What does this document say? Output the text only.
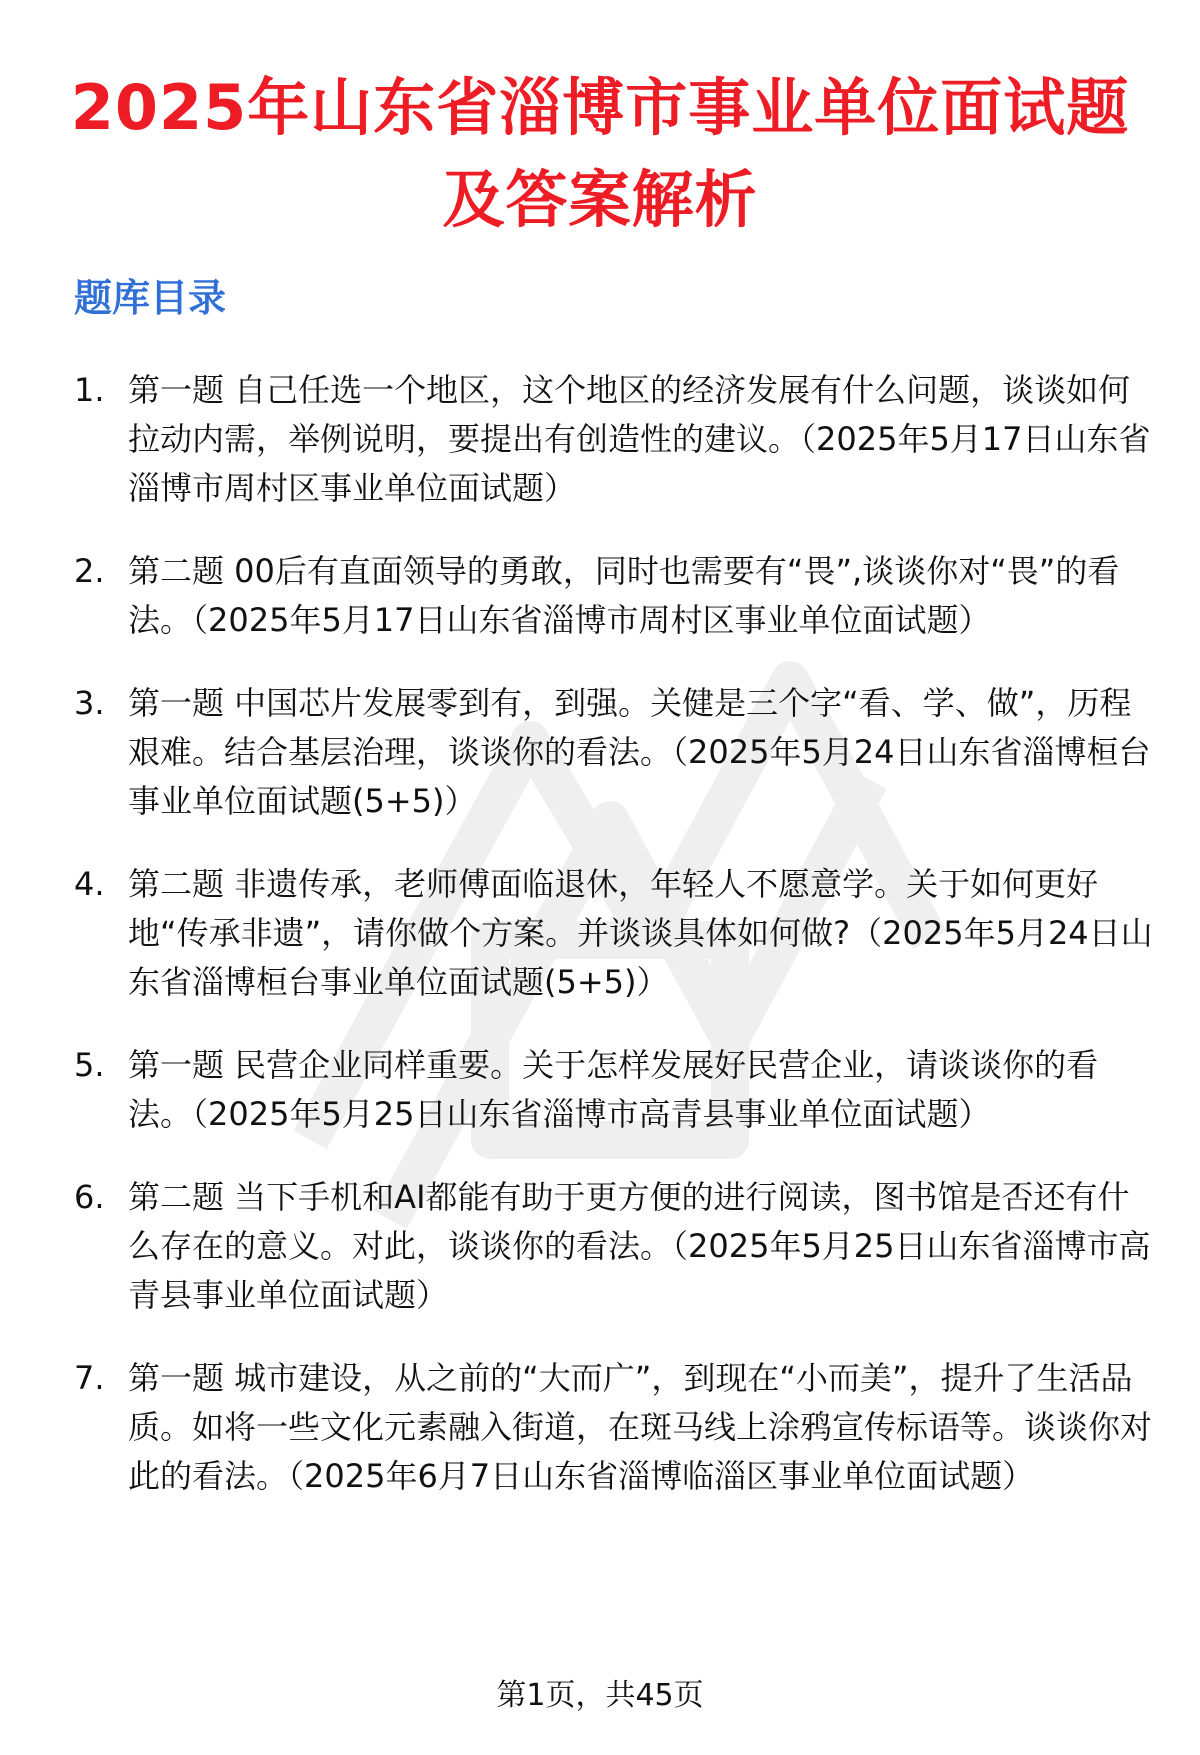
2025年山东省淄博市事业单位面试题及答案解析
题库目录
1. 第一题 自己任选一个地区，这个地区的经济发展有什么问题，谈谈如何拉动内需，举例说明，要提出有创造性的建议。（2025年5月17日山东省淄博市周村区事业单位面试题）
2. 第二题 00后有直面领导的勇敢，同时也需要有“畏”,谈谈你对“畏”的看法。（2025年5月17日山东省淄博市周村区事业单位面试题）
3. 第一题 中国芯片发展零到有，到强。关健是三个字“看、学、做”，历程艰难。结合基层治理，谈谈你的看法。（2025年5月24日山东省淄博桓台事业单位面试题(5+5)）
4. 第二题 非遗传承，老师傅面临退休，年轻人不愿意学。关于如何更好地“传承非遗”，请你做个方案。并谈谈具体如何做?（2025年5月24日山东省淄博桓台事业单位面试题(5+5)）
5. 第一题 民营企业同样重要。关于怎样发展好民营企业，请谈谈你的看法。（2025年5月25日山东省淄博市高青县事业单位面试题）
6. 第二题 当下手机和AI都能有助于更方便的进行阅读，图书馆是否还有什么存在的意义。对此，谈谈你的看法。（2025年5月25日山东省淄博市高青县事业单位面试题）
7. 第一题 城市建设，从之前的“大而广”，到现在“小而美”，提升了生活品质。如将一些文化元素融入街道，在斑马线上涂鸦宣传标语等。谈谈你对此的看法。（2025年6月7日山东省淄博临淄区事业单位面试题）
第1页，共45页
